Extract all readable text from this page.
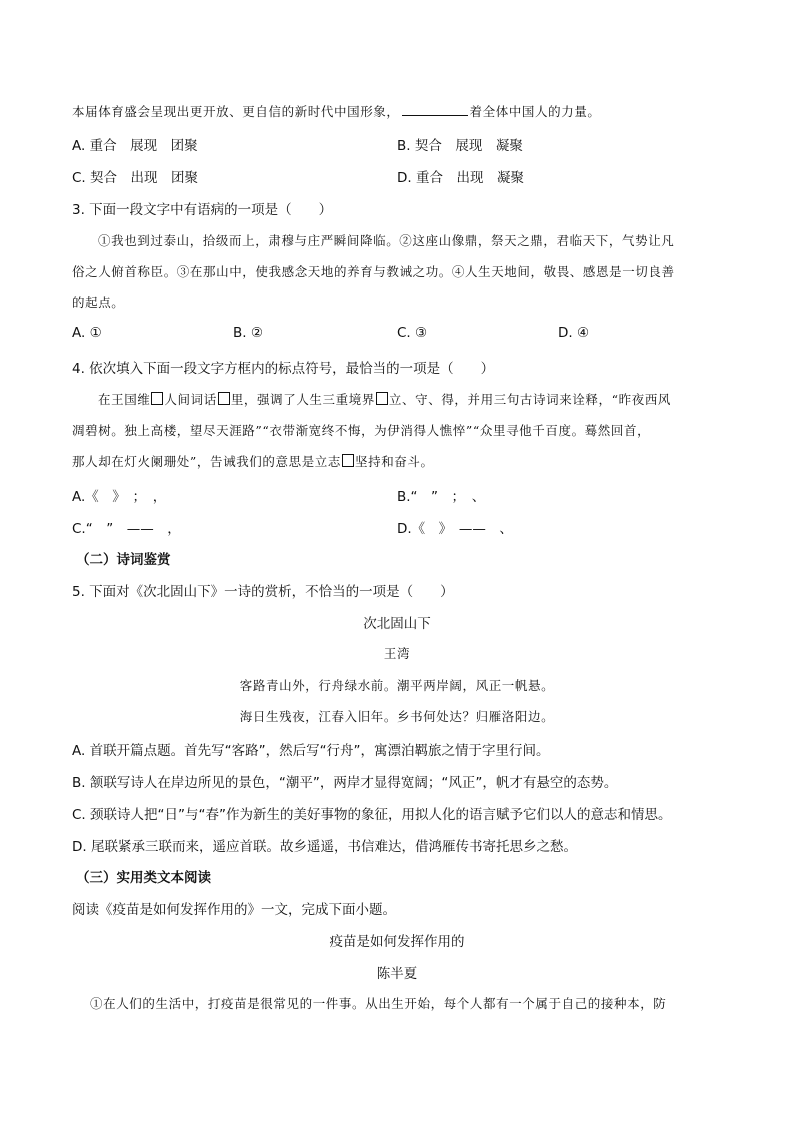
本届体育盛会呈现出更开放、更自信的新时代中国形象，	着全体中国人的力量。
A. 重合　展现　团聚	B. 契合　展现　凝聚
C. 契合　出现　团聚	D. 重合　出现　凝聚
3. 下面一段文字中有语病的一项是（　　）
①我也到过泰山，拾级而上，肃穆与庄严瞬间降临。②这座山像鼎，祭天之鼎，君临天下，气势让凡
俗之人俯首称臣。③在那山中，使我感念天地的养育与教诫之功。④人生天地间，敬畏、感恩是一切良善
的起点。
A. ①	B. ②	C. ③	D. ④
4. 依次填入下面一段文字方框内的标点符号，最恰当的一项是（　　）
在王国维 人间词话 里，强调了人生三重境界 立、守、得，并用三句古诗词来诠释，“昨夜西风
凋碧树。独上高楼，望尽天涯路”“衣带渐宽终不悔，为伊消得人憔悴”“众里寻他千百度。蓦然回首，
那人却在灯火阑珊处”，告诫我们的意思是立志 坚持和奋斗。
A.《　》　；　，	B.“　”　；　、
C.“　”　——　，	D.《　》　——　、
（二）诗词鉴赏
5. 下面对《次北固山下》一诗的赏析，不恰当的一项是（　　）
次北固山下
王湾
客路青山外，行舟绿水前。潮平两岸阔，风正一帆悬。
海日生残夜，江春入旧年。乡书何处达？归雁洛阳边。
A. 首联开篇点题。首先写“客路”，然后写“行舟”，寓漂泊羁旅之情于字里行间。
B. 颔联写诗人在岸边所见的景色，“潮平”，两岸才显得宽阔；“风正”，帆才有悬空的态势。
C. 颈联诗人把“日”与“春”作为新生的美好事物的象征，用拟人化的语言赋予它们以人的意志和情思。
D. 尾联紧承三联而来，遥应首联。故乡遥遥，书信难达，借鸿雁传书寄托思乡之愁。
（三）实用类文本阅读
阅读《疫苗是如何发挥作用的》一文，完成下面小题。
疫苗是如何发挥作用的
陈半夏
①在人们的生活中，打疫苗是很常见的一件事。从出生开始，每个人都有一个属于自己的接种本，防
